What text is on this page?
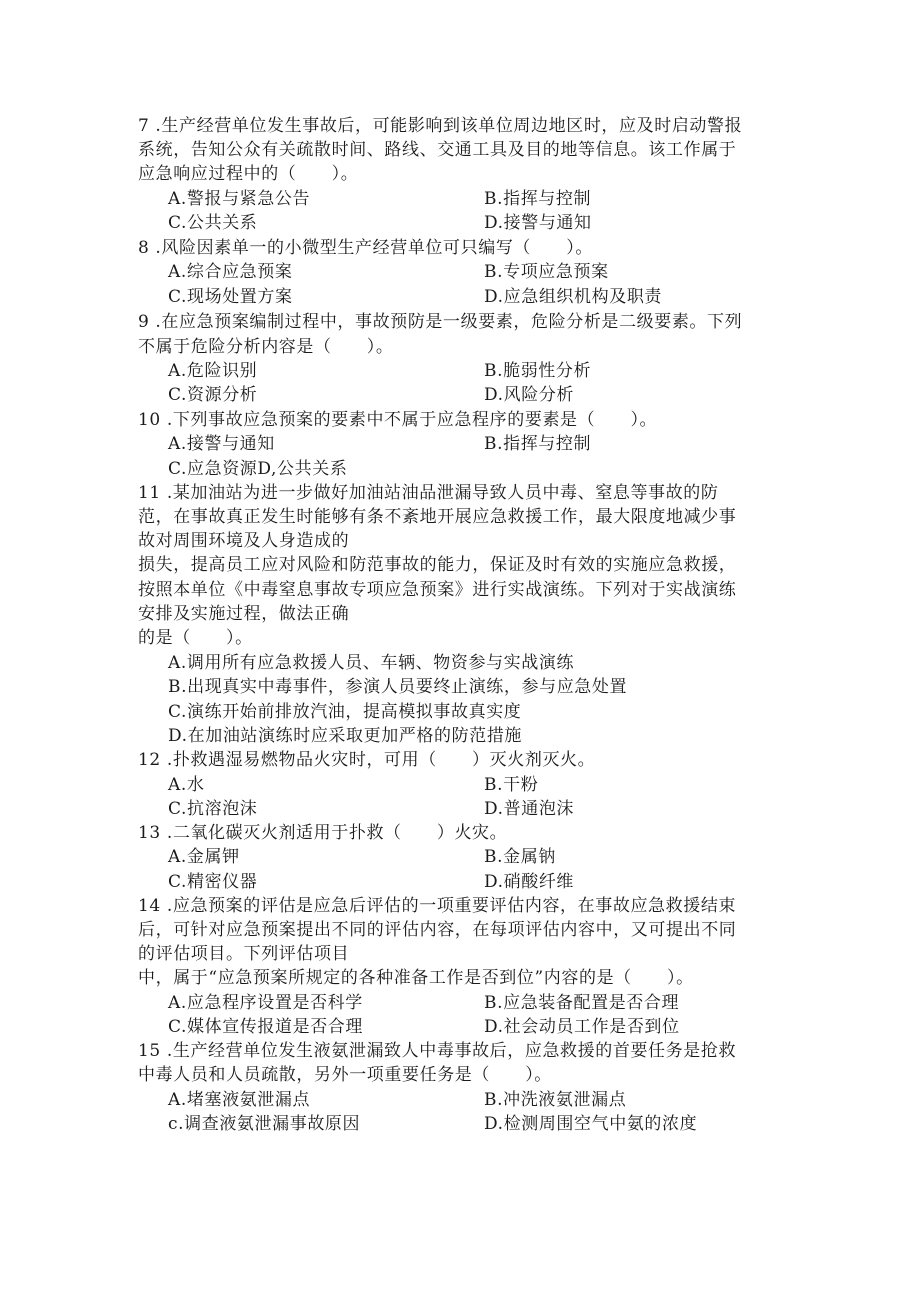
7 .生产经营单位发生事故后，可能影响到该单位周边地区时，应及时启动警报
系统，告知公众有关疏散时间、路线、交通工具及目的地等信息。该工作属于
应急响应过程中的（　　）。
A.警报与紧急公告	B.指挥与控制
C.公共关系	D.接警与通知
8 .风险因素单一的小微型生产经营单位可只编写（　　）。
A.综合应急预案	B.专项应急预案
C.现场处置方案	D.应急组织机构及职责
9 .在应急预案编制过程中，事故预防是一级要素，危险分析是二级要素。下列
不属于危险分析内容是（　　）。
A.危险识别	B.脆弱性分析
C.资源分析	D.风险分析
10 .下列事故应急预案的要素中不属于应急程序的要素是（　　）。
A.接警与通知	B.指挥与控制
C.应急资源D,公共关系
11 .某加油站为进一步做好加油站油品泄漏导致人员中毒、窒息等事故的防
范，在事故真正发生时能够有条不紊地开展应急救援工作，最大限度地减少事
故对周围环境及人身造成的
损失，提高员工应对风险和防范事故的能力，保证及时有效的实施应急救援，
按照本单位《中毒窒息事故专项应急预案》进行实战演练。下列对于实战演练
安排及实施过程，做法正确
的是（　　）。
A.调用所有应急救援人员、车辆、物资参与实战演练
B.出现真实中毒事件，参演人员要终止演练，参与应急处置
C.演练开始前排放汽油，提高模拟事故真实度
D.在加油站演练时应采取更加严格的防范措施
12 .扑救遇湿易燃物品火灾时，可用（　　）灭火剂灭火。
A.水	B.干粉
C.抗溶泡沫	D.普通泡沫
13 .二氧化碳灭火剂适用于扑救（　　）火灾。
A.金属钾	B.金属钠
C.精密仪器	D.硝酸纤维
14 .应急预案的评估是应急后评估的一项重要评估内容，在事故应急救援结束
后，可针对应急预案提出不同的评估内容，在每项评估内容中，又可提出不同
的评估项目。下列评估项目
中，属于“应急预案所规定的各种准备工作是否到位”内容的是（　　）。
A.应急程序设置是否科学	B.应急装备配置是否合理
C.媒体宣传报道是否合理	D.社会动员工作是否到位
15 .生产经营单位发生液氨泄漏致人中毒事故后，应急救援的首要任务是抢救
中毒人员和人员疏散，另外一项重要任务是（　　）。
A.堵塞液氨泄漏点	B.冲洗液氨泄漏点
c.调查液氨泄漏事故原因	D.检测周围空气中氨的浓度
